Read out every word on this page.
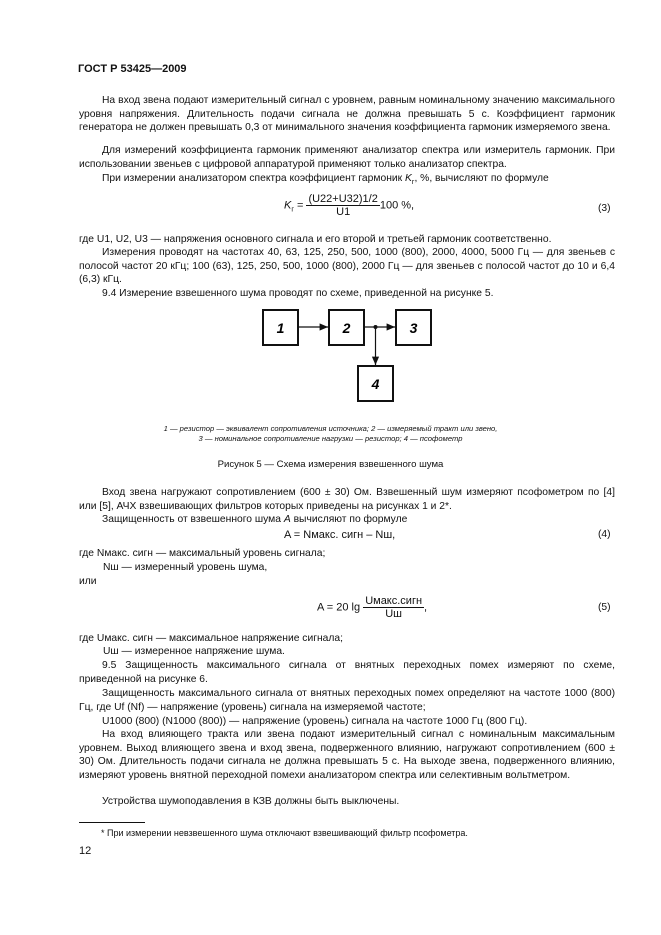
ГОСТ Р 53425—2009
На вход звена подают измерительный сигнал с уровнем, равным номинальному значению максимального уровня напряжения. Длительность подачи сигнала не должна превышать 5 с. Коэффициент гармоник генератора не должен превышать 0,3 от минимального значения коэффициента гармоник измеряемого звена.
Для измерений коэффициента гармоник применяют анализатор спектра или измеритель гармоник. При использовании звеньев с цифровой аппаратурой применяют только анализатор спектра.
При измерении анализатором спектра коэффициент гармоник $K_г$, %, вычисляют по формуле
$K_г = \frac{(U22+U32)1/2}{U1} 100$ %,	(3)
где U1, U2, U3 — напряжения основного сигнала и его второй и третьей гармоник соответственно.
Измерения проводят на частотах 40, 63, 125, 250, 500, 1000 (800), 2000, 4000, 5000 Гц — для звеньев с полосой частот 20 кГц; 100 (63), 125, 250, 500, 1000 (800), 2000 Гц — для звеньев с полосой частот до 10 и 6,4 (6,3) кГц.
9.4 Измерение взвешенного шума проводят по схеме, приведенной на рисунке 5.
1	2	3
4
1 — резистор — эквивалент сопротивления источника; 2 — измеряемый тракт или звено,
3 — номинальное сопротивление нагрузки — резистор; 4 — псофометр
Рисунок 5 — Схема измерения взвешенного шума
Вход звена нагружают сопротивлением (600 ± 30) Ом. Взвешенный шум измеряют псофометром по [4] или [5], АЧХ взвешивающих фильтров которых приведены на рисунках 1 и 2*.
Защищенность от взвешенного шума A вычисляют по формуле
A = Nмакс. сигн – Nш,	(4)
где Nмакс. сигн — максимальный уровень сигнала;
Nш — измеренный уровень шума,
или
A = 20 $\lg \frac{\text{Uмакс.сигн}}{Uш}$ ,	(5)
где Uмакс. сигн — максимальное напряжение сигнала;
Uш — измеренное напряжение шума.
9.5 Защищенность максимального сигнала от внятных переходных помех измеряют по схеме, приведенной на рисунке 6.
Защищенность максимального сигнала от внятных переходных помех определяют на частоте 1000 (800) Гц, где Uf (Nf) — напряжение (уровень) сигнала на измеряемой частоте;
U1000 (800) (N1000 (800)) — напряжение (уровень) сигнала на частоте 1000 Гц (800 Гц).
На вход влияющего тракта или звена подают измерительный сигнал с номинальным максимальным уровнем. Выход влияющего звена и вход звена, подверженного влиянию, нагружают сопротивлением (600 ± 30) Ом. Длительность подачи сигнала не должна превышать 5 с. На выходе звена, подверженного влиянию, измеряют уровень внятной переходной помехи анализатором спектра или селективным вольтметром.
Устройства шумоподавления в КЗВ должны быть выключены.
* При измерении невзвешенного шума отключают взвешивающий фильтр псофометра.
12
